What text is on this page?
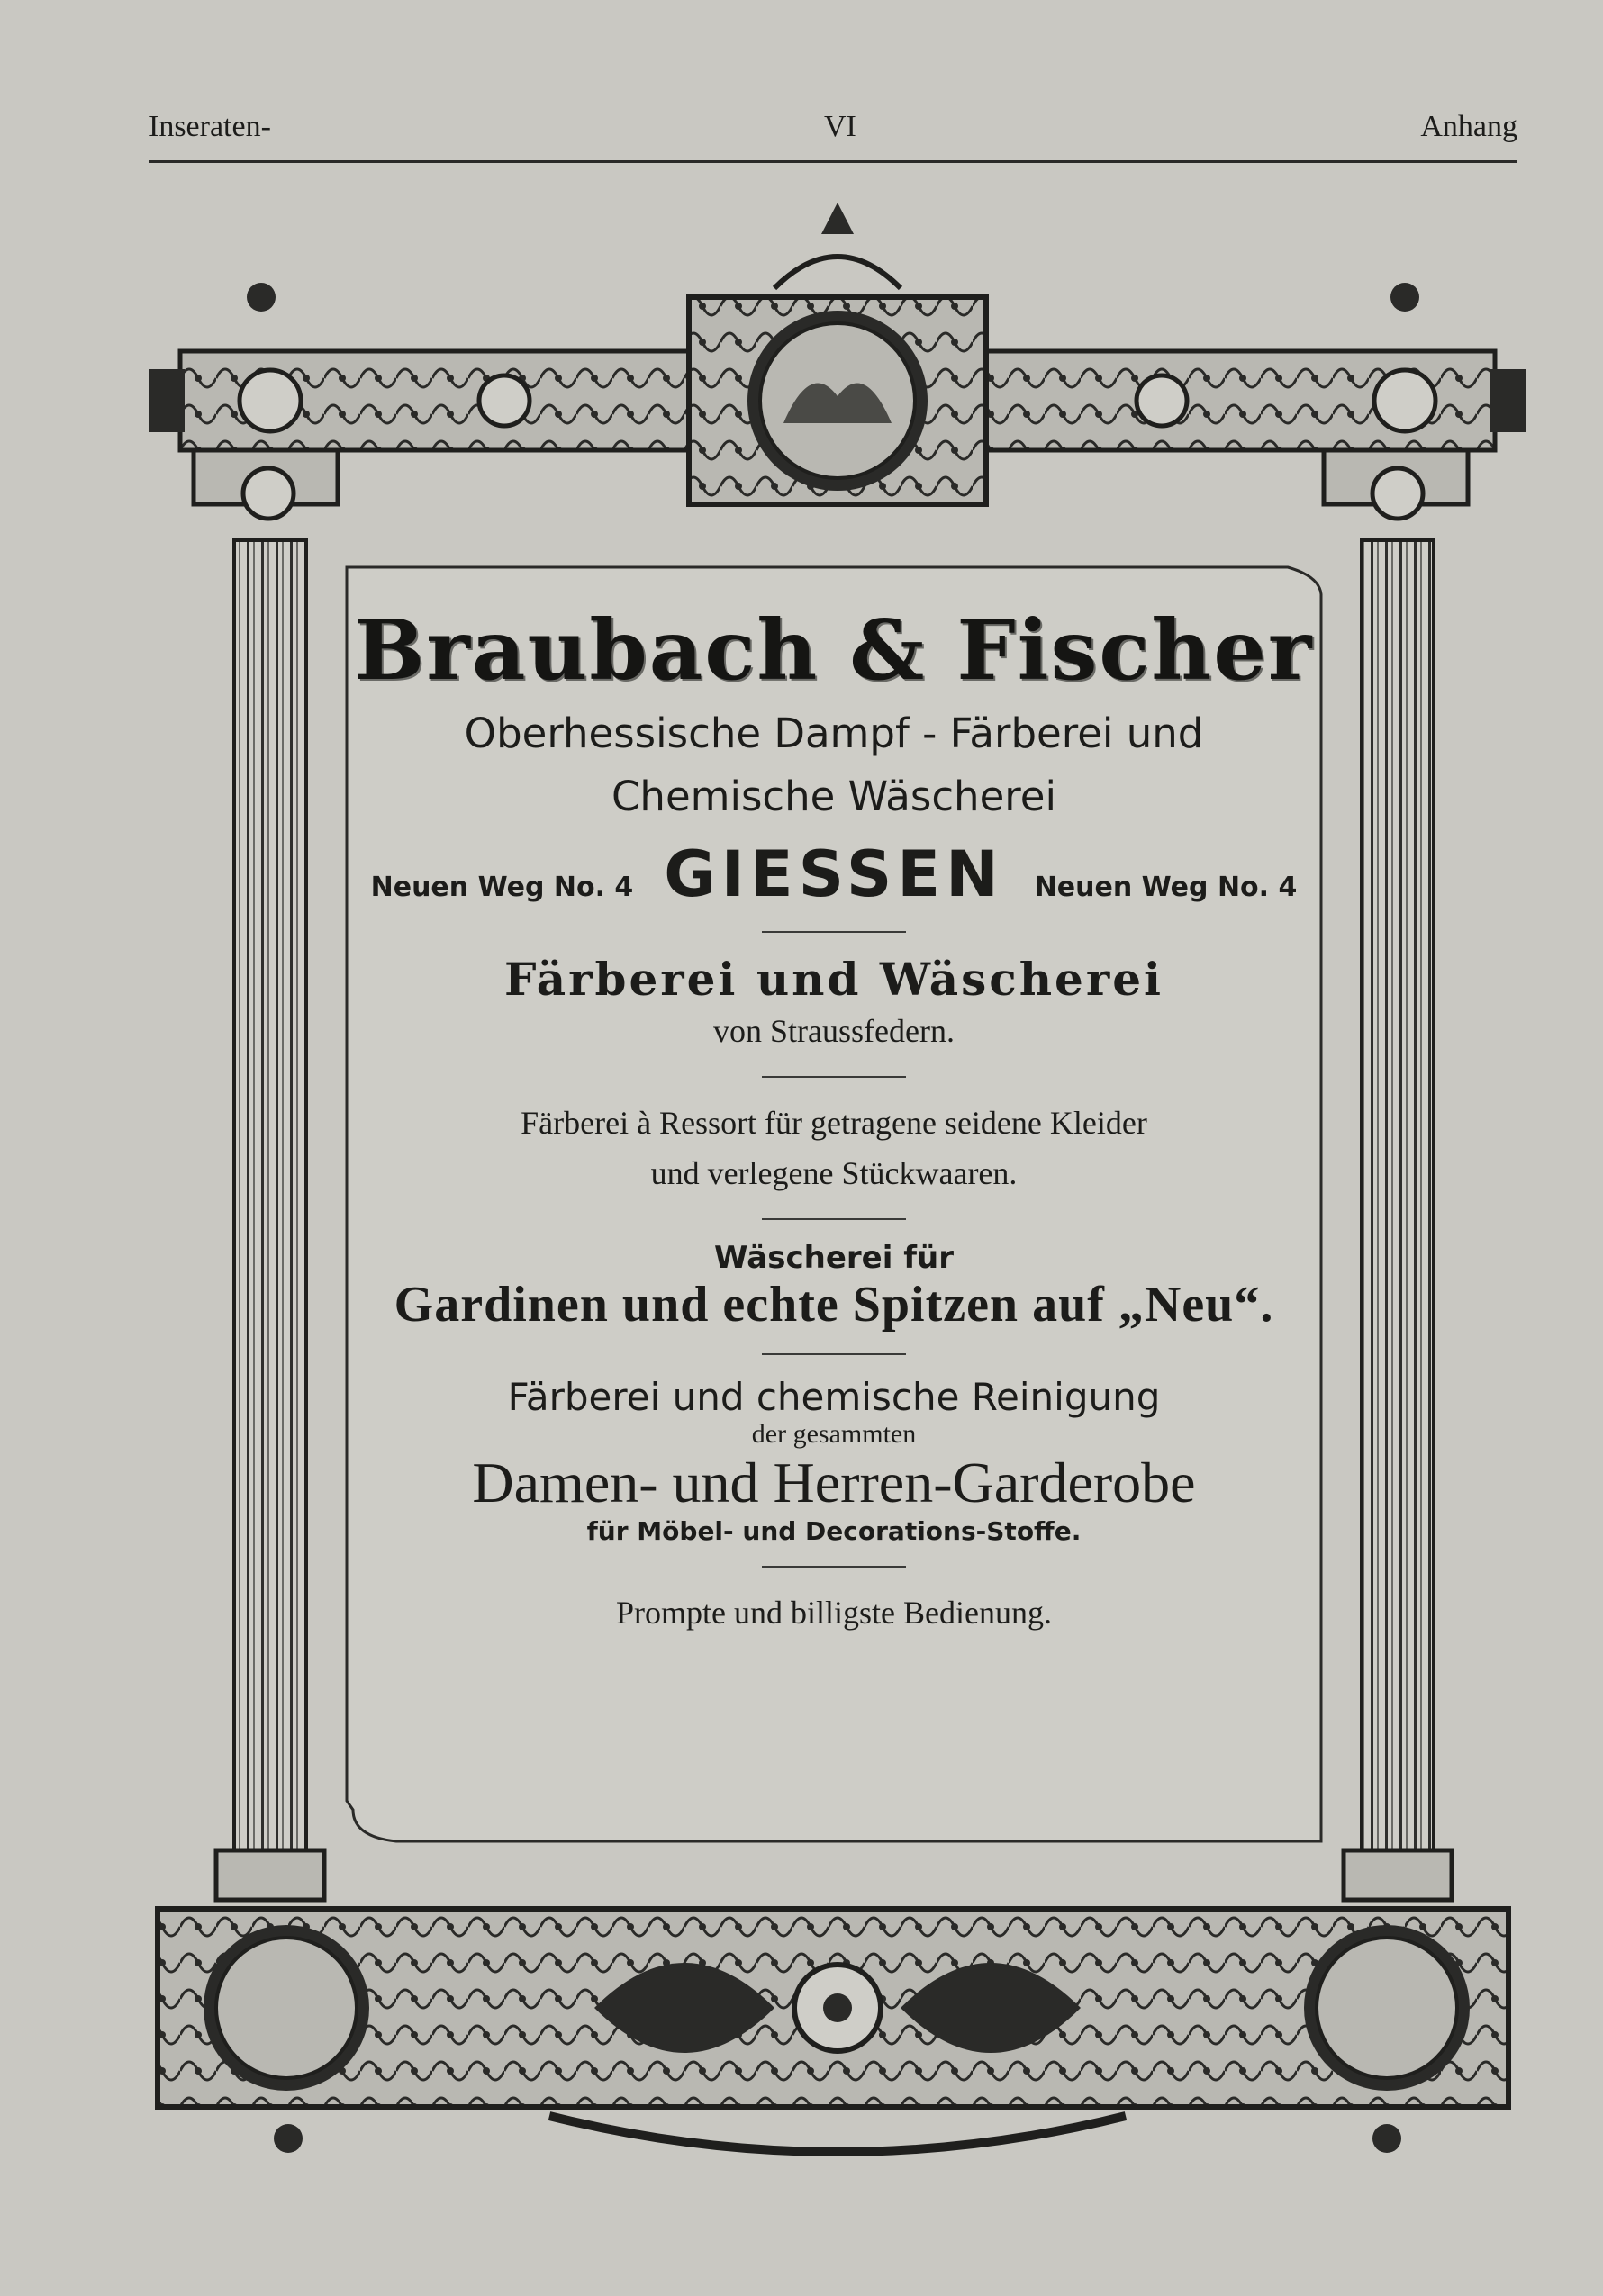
Inseraten-	VI	Anhang
Braubach & Fischer
Oberhessische Dampf - Färberei und
Chemische Wäscherei
Neuen Weg No. 4 GIESSEN Neuen Weg No. 4
Färberei und Wäscherei
von Straussfedern.
Färberei à Ressort für getragene seidene Kleider
und verlegene Stückwaaren.
Wäscherei für
Gardinen und echte Spitzen auf „Neu“.
Färberei und chemische Reinigung
der gesammten
Damen- und Herren-Garderobe
für Möbel- und Decorations-Stoffe.
Prompte und billigste Bedienung.
